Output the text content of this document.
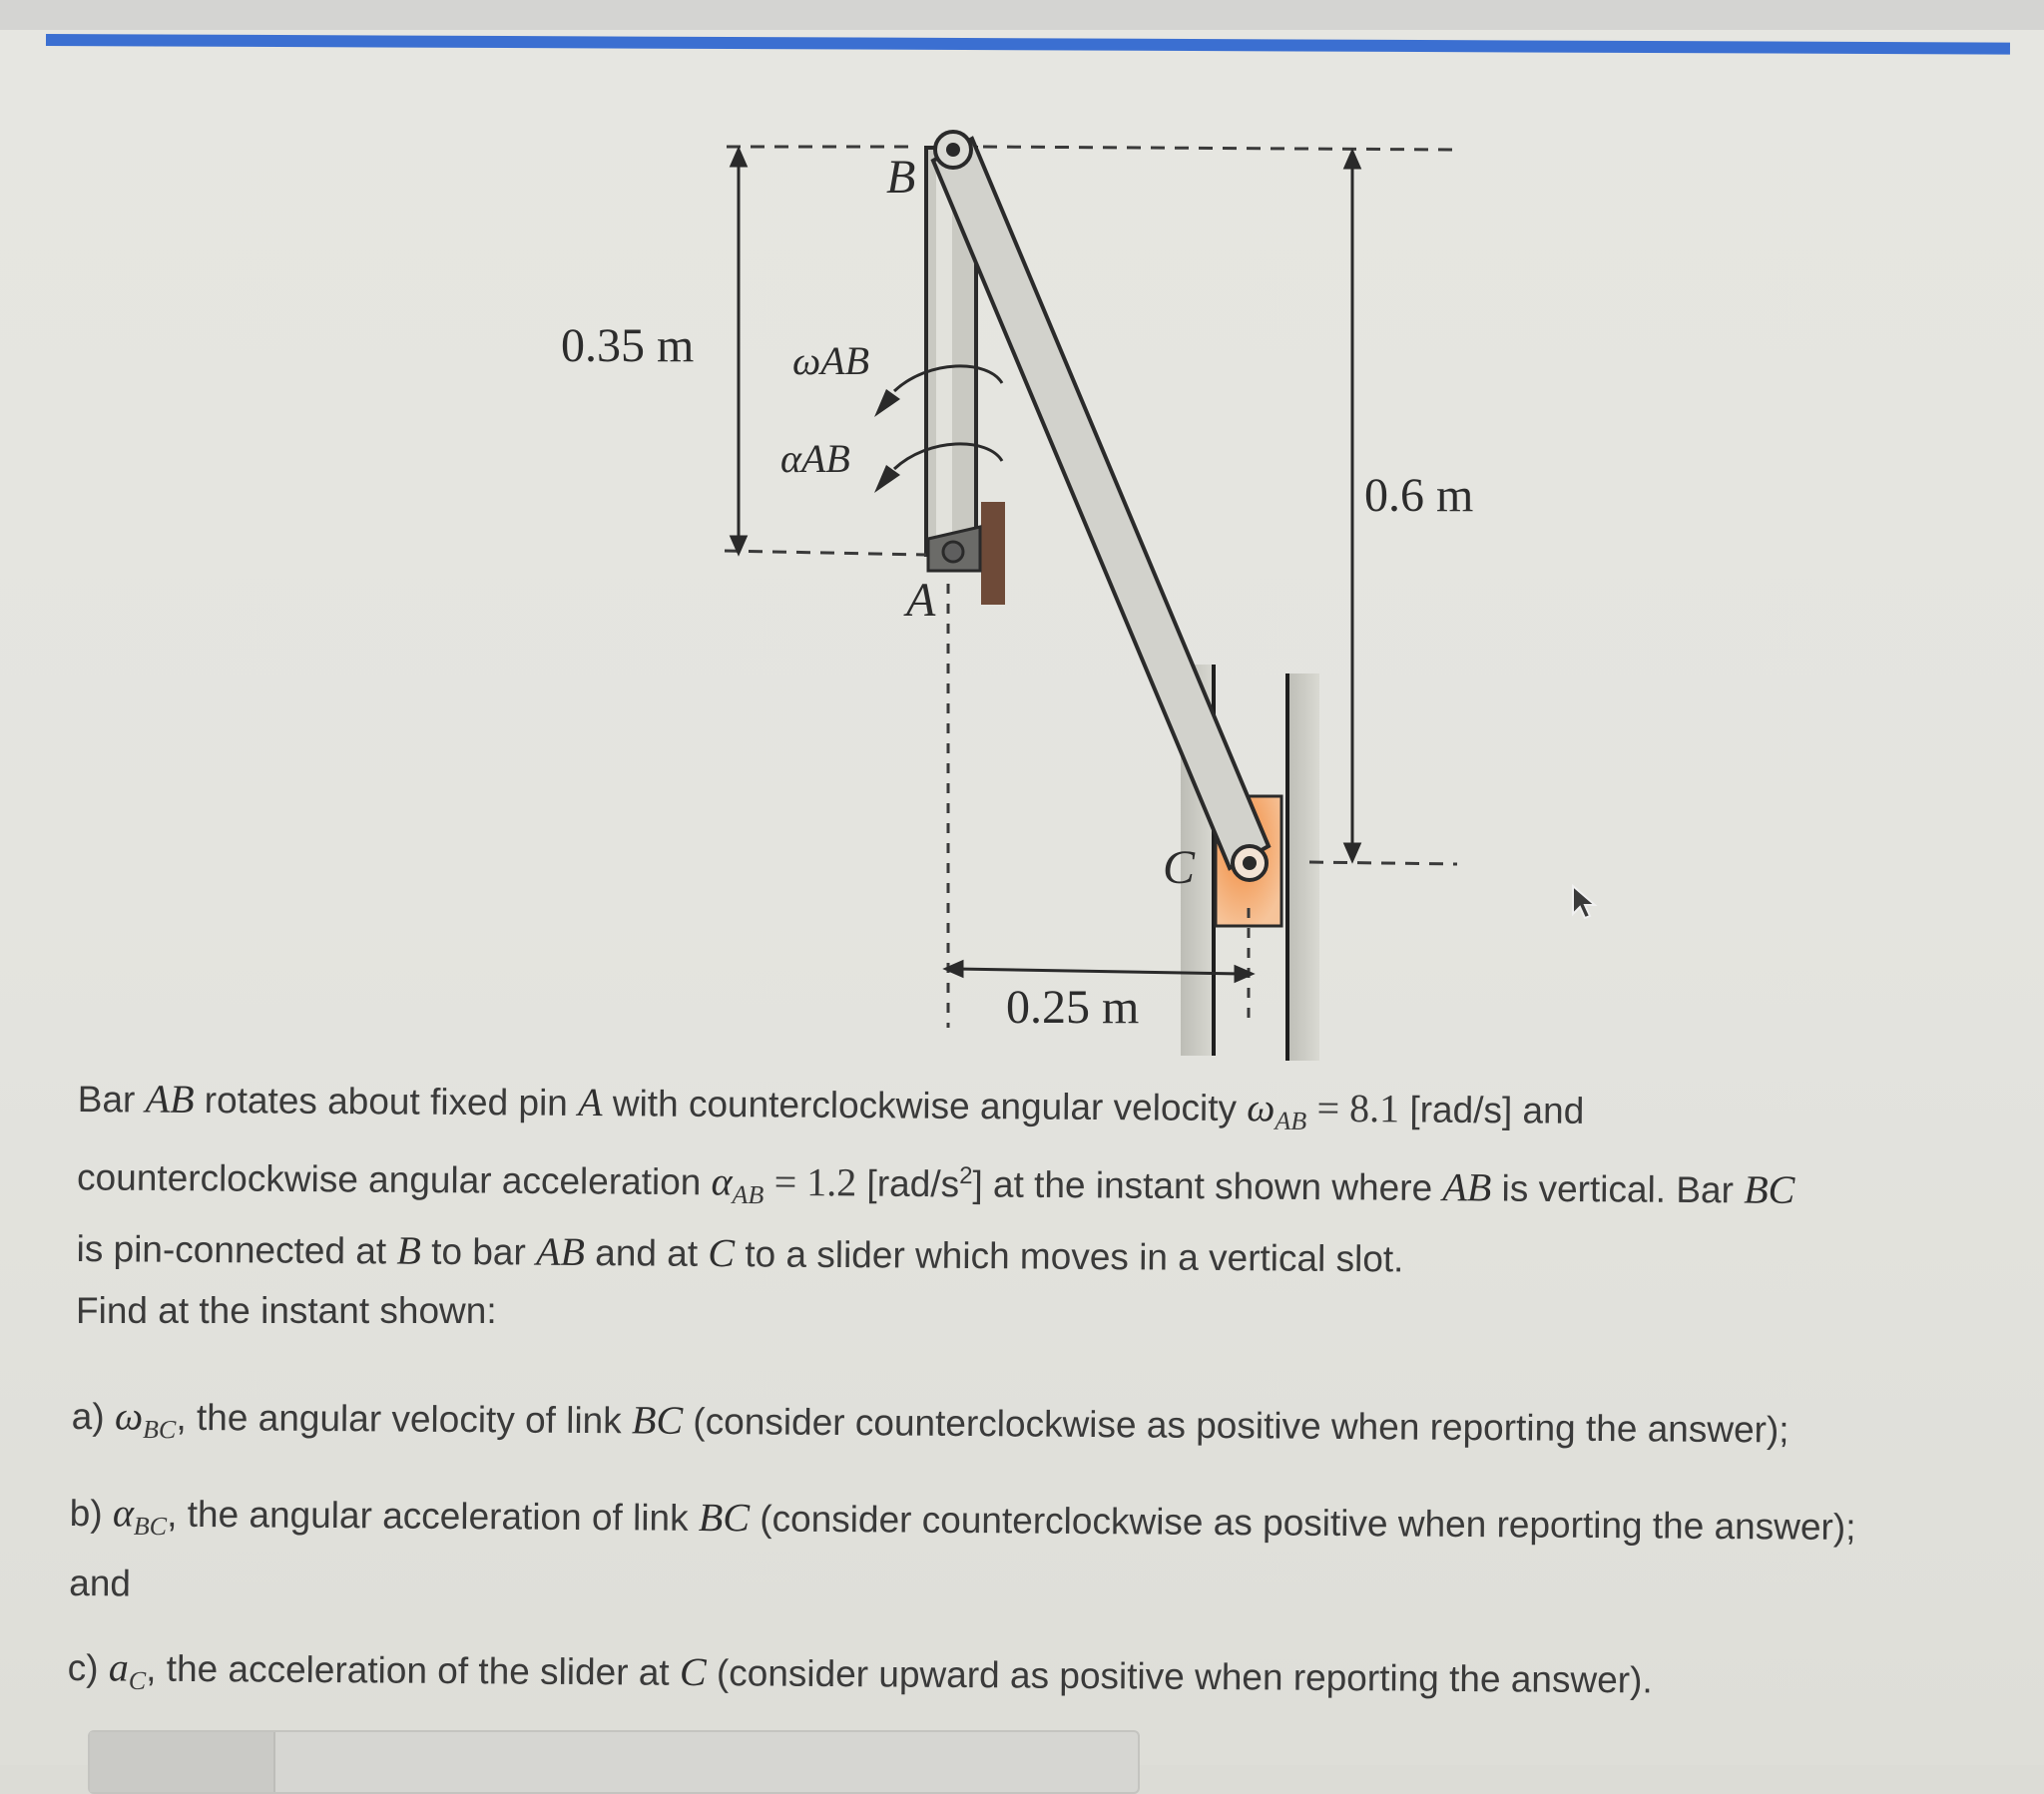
0.35 m
0.6 m
0.25 m
B
A
C
ωAB
αAB
Bar AB rotates about fixed pin A with counterclockwise angular velocity $\omega_{AB} = 8.1$ [rad/s] and
counterclockwise angular acceleration $\alpha_{AB} = 1.2$ $[rad/s^2]$ at the instant shown where AB is vertical. Bar BC
is pin-connected at B to bar AB and at C to a slider which moves in a vertical slot.
Find at the instant shown:
a) $\omega_{BC}$, the angular velocity of link BC (consider counterclockwise as positive when reporting the answer);
b) $\alpha_{BC}$, the angular acceleration of link BC (consider counterclockwise as positive when reporting the answer); and
c) $a_C$, the acceleration of the slider at C (consider upward as positive when reporting the answer).
